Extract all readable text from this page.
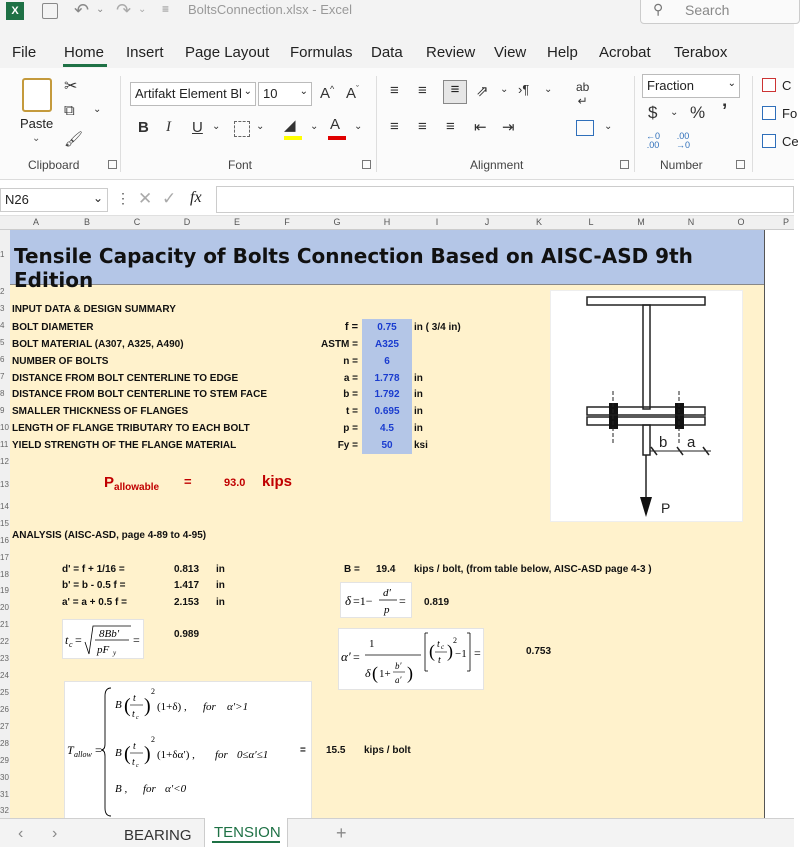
X	↶ ⌄ ↷ ⌄ ≡ BoltsConnection.xlsx - Excel	⚲ Search
File Home Insert Page Layout Formulas Data Review View Help Acrobat Terabox
Paste
⌄
✂
⧉ ⌄
🖌
Clipboard
Artifakt Element Bl ⌄ 10 ⌄ A^ $A^ˇ$
B I U ⌄	⌄ ◢ ⌄ A ⌄
Font
≡ ≡	≡	⇗ ⌄ ›¶ ⌄ ab
↵
≡ ≡ ≡ ⇤ ⇥	⌄
Alignment
Fraction	⌄
$ ⌄ % ’
←0
.00
.00
→0
Number
C
Fo
Ce
N26	⌄ ⋮ ✕ ✓ fx
A	B	C	D	E	F	G	H	I	J	K	L	M	N	O	P
1
2
3
4
5
6
7
8
9
10
11
12
13
14
15
16
17
18
19
20
21
22
23
24
25
26
27
28
29
30
31
32
Tensile Capacity of Bolts Connection Based on AISC-ASD 9th Edition
INPUT DATA & DESIGN SUMMARY
BOLT DIAMETER	f =	0.75	in ( 3/4 in)
BOLT MATERIAL (A307, A325, A490)	ASTM =	A325
NUMBER OF BOLTS	n =	6
DISTANCE FROM BOLT CENTERLINE TO EDGE	a =	1.778	in
DISTANCE FROM BOLT CENTERLINE TO STEM FACE	b =	1.792	in
SMALLER THICKNESS OF FLANGES	t =	0.695	in
LENGTH OF FLANGE TRIBUTARY TO EACH BOLT	p =	4.5	in
YIELD STRENGTH OF THE FLANGE MATERIAL	Fy =	50	ksi
$P_{allowable}$ =	93.0 kips
b a
P
ANALYSIS (AISC-ASD, page 4-89 to 4-95)
d' = f + 1/16 =	0.813 in
b' = b - 0.5 f =	1.417 in
a' = a + 0.5 f =	2.153 in
B = 19.4 kips / bolt, (from table below, AISC-ASD page 4-3 )
δ =1−
d′
p
= 0.819
t c = 8Bb′
pF y
=	0.989
α′ =
1
δ ( 1+
b′
a′ )
( t c
t )
2
−1 =	0.753
T allow =
B ( t
t c
)
2
(1+δ) , for α′>1
B ( t
t c
)
2
(1+δα′) , for 0≤α′≤1
B , for α′<0
= 15.5 kips / bolt
‹ ›	BEARING TENSION	+
